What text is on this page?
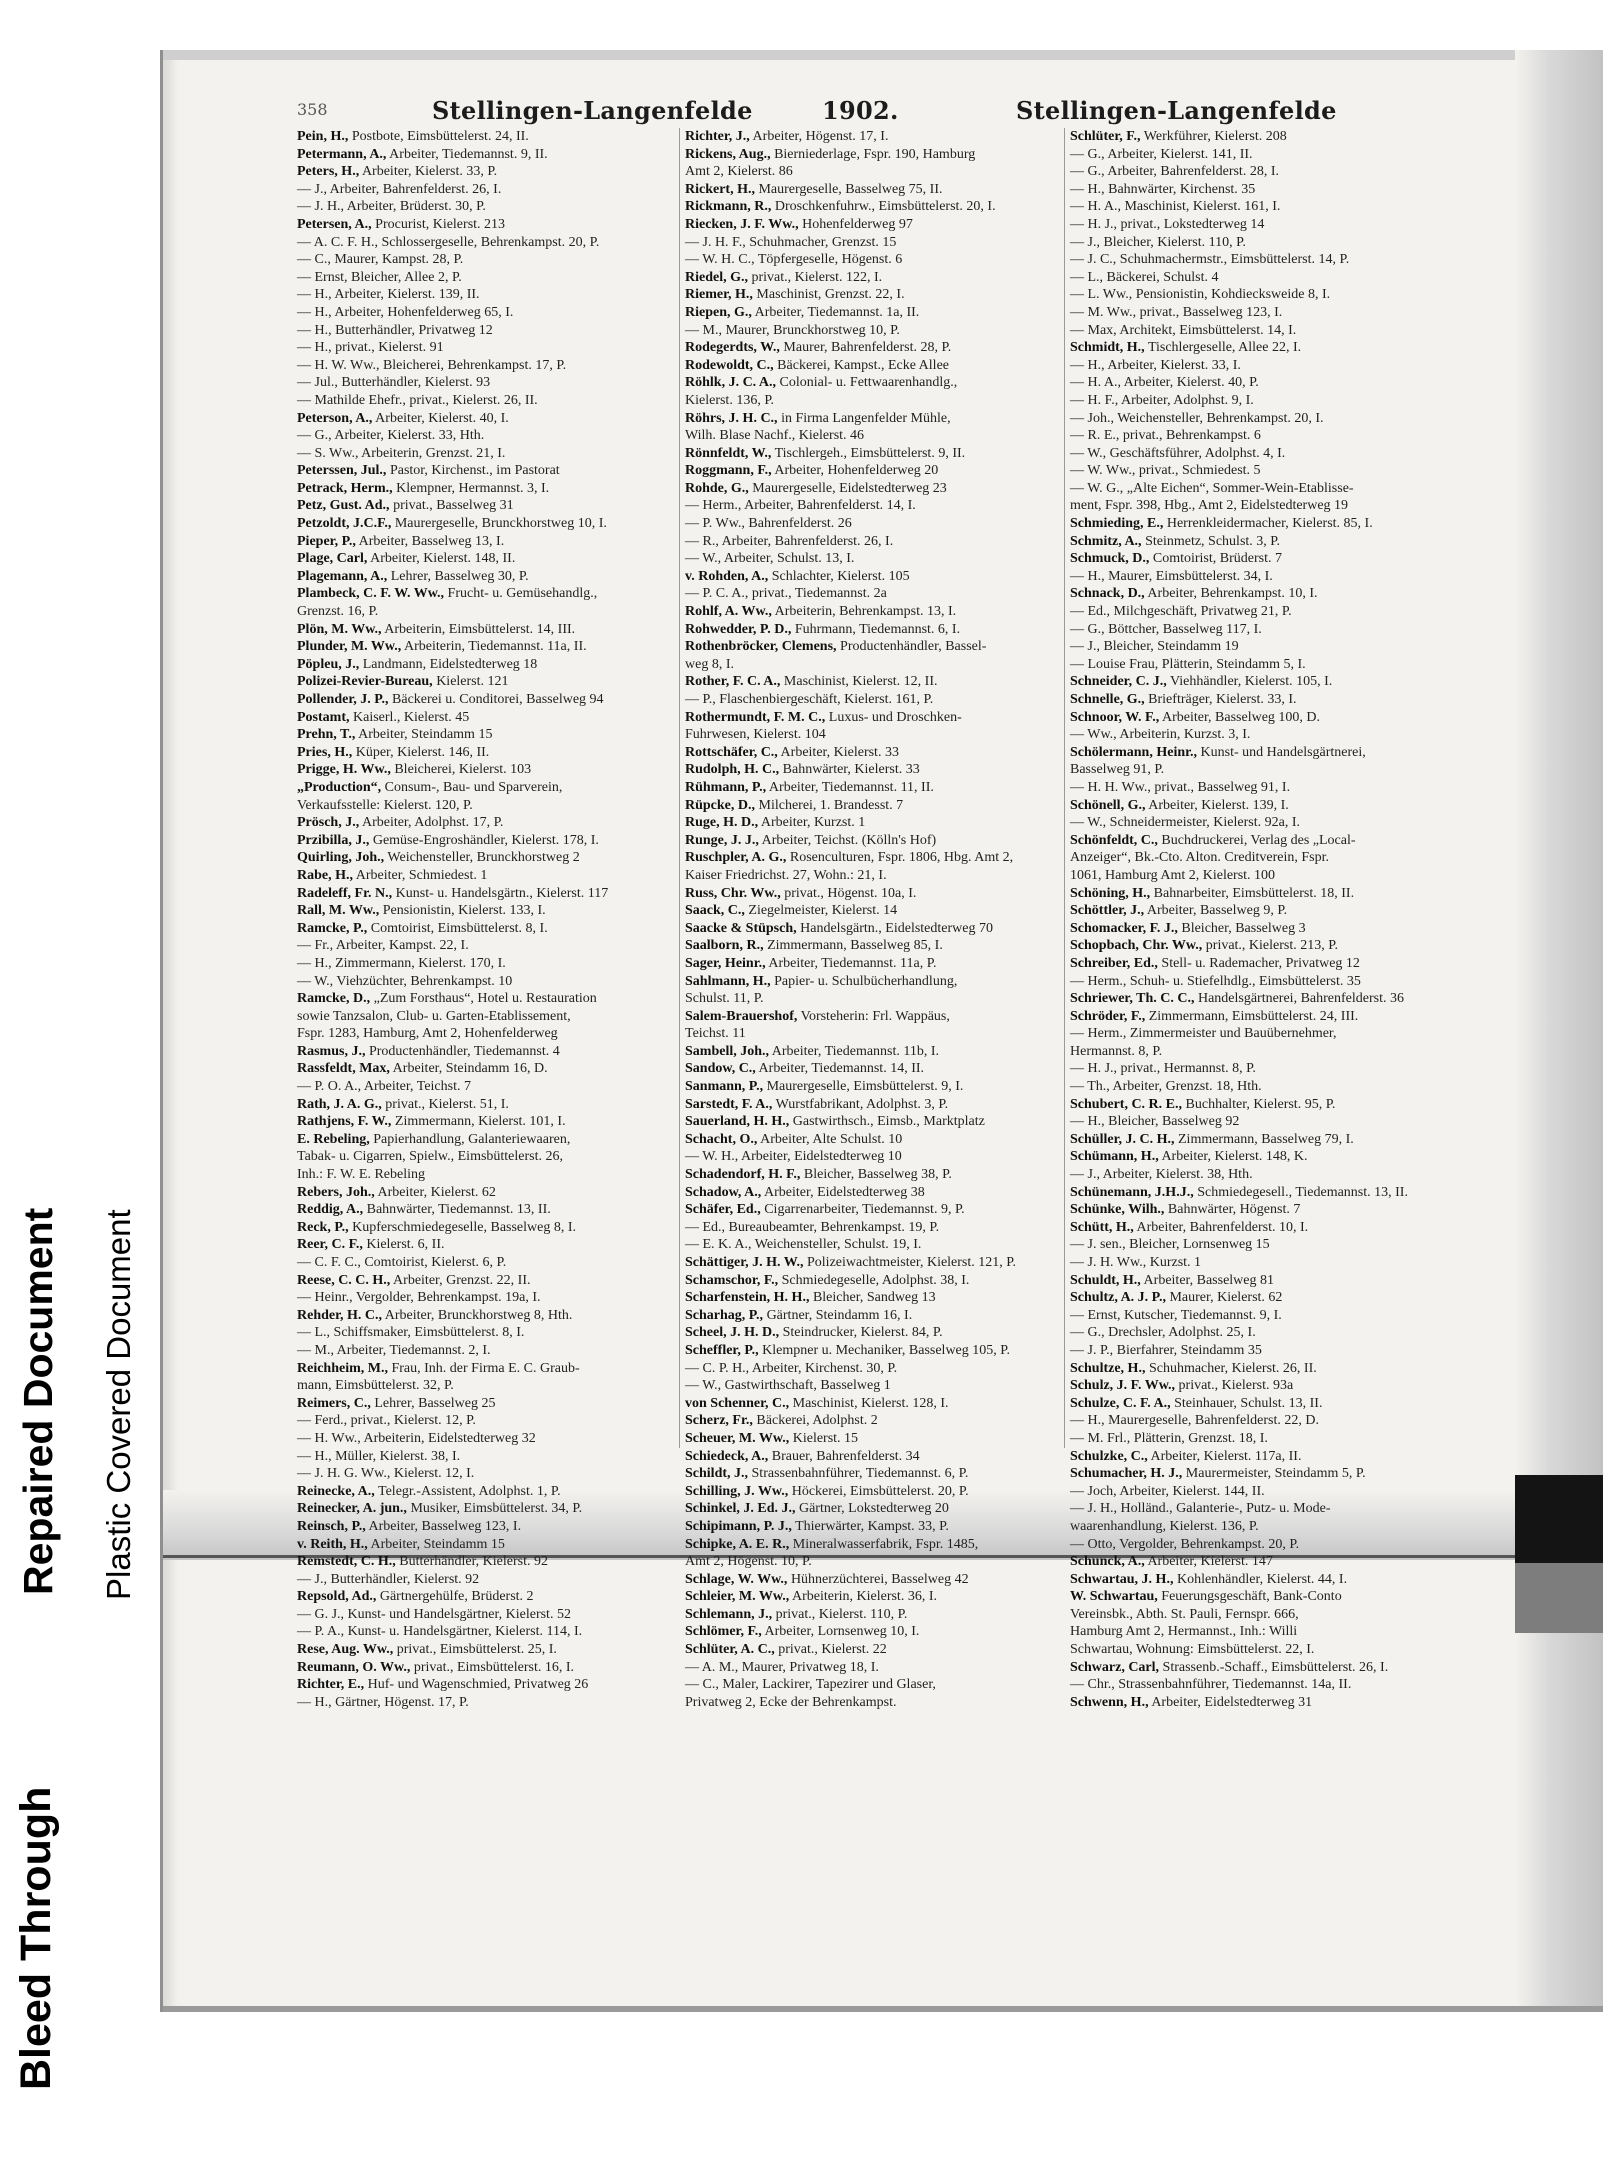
Bleed Through
Repaired Document Plastic Covered Document
358	Stellingen-Langenfelde	1902.	Stellingen-Langenfelde
Pein, H., Postbote, Eimsbüttelerst. 24, II.
Petermann, A., Arbeiter, Tiedemannst. 9, II.
Peters, H., Arbeiter, Kielerst. 33, P.
— J., Arbeiter, Bahrenfelderst. 26, I.
— J. H., Arbeiter, Brüderst. 30, P.
Petersen, A., Procurist, Kielerst. 213
— A. C. F. H., Schlossergeselle, Behrenkampst. 20, P.
— C., Maurer, Kampst. 28, P.
— Ernst, Bleicher, Allee 2, P.
— H., Arbeiter, Kielerst. 139, II.
— H., Arbeiter, Hohenfelderweg 65, I.
— H., Butterhändler, Privatweg 12
— H., privat., Kielerst. 91
— H. W. Ww., Bleicherei, Behrenkampst. 17, P.
— Jul., Butterhändler, Kielerst. 93
— Mathilde Ehefr., privat., Kielerst. 26, II.
Peterson, A., Arbeiter, Kielerst. 40, I.
— G., Arbeiter, Kielerst. 33, Hth.
— S. Ww., Arbeiterin, Grenzst. 21, I.
Peterssen, Jul., Pastor, Kirchenst., im Pastorat
Petrack, Herm., Klempner, Hermannst. 3, I.
Petz, Gust. Ad., privat., Basselweg 31
Petzoldt, J.C.F., Maurergeselle, Brunckhorstweg 10, I.
Pieper, P., Arbeiter, Basselweg 13, I.
Plage, Carl, Arbeiter, Kielerst. 148, II.
Plagemann, A., Lehrer, Basselweg 30, P.
Plambeck, C. F. W. Ww., Frucht- u. Gemüsehandlg.,
Grenzst. 16, P.
Plön, M. Ww., Arbeiterin, Eimsbüttelerst. 14, III.
Plunder, M. Ww., Arbeiterin, Tiedemannst. 11a, II.
Pöpleu, J., Landmann, Eidelstedterweg 18
Polizei-Revier-Bureau, Kielerst. 121
Pollender, J. P., Bäckerei u. Conditorei, Basselweg 94
Postamt, Kaiserl., Kielerst. 45
Prehn, T., Arbeiter, Steindamm 15
Pries, H., Küper, Kielerst. 146, II.
Prigge, H. Ww., Bleicherei, Kielerst. 103
„Production“, Consum-, Bau- und Sparverein,
Verkaufsstelle: Kielerst. 120, P.
Prösch, J., Arbeiter, Adolphst. 17, P.
Przibilla, J., Gemüse-Engroshändler, Kielerst. 178, I.
Quirling, Joh., Weichensteller, Brunckhorstweg 2
Rabe, H., Arbeiter, Schmiedest. 1
Radeleff, Fr. N., Kunst- u. Handelsgärtn., Kielerst. 117
Rall, M. Ww., Pensionistin, Kielerst. 133, I.
Ramcke, P., Comtoirist, Eimsbüttelerst. 8, I.
— Fr., Arbeiter, Kampst. 22, I.
— H., Zimmermann, Kielerst. 170, I.
— W., Viehzüchter, Behrenkampst. 10
Ramcke, D., „Zum Forsthaus“, Hotel u. Restauration
sowie Tanzsalon, Club- u. Garten-Etablissement,
Fspr. 1283, Hamburg, Amt 2, Hohenfelderweg
Rasmus, J., Productenhändler, Tiedemannst. 4
Rassfeldt, Max, Arbeiter, Steindamm 16, D.
— P. O. A., Arbeiter, Teichst. 7
Rath, J. A. G., privat., Kielerst. 51, I.
Rathjens, F. W., Zimmermann, Kielerst. 101, I.
E. Rebeling, Papierhandlung, Galanteriewaaren,
Tabak- u. Cigarren, Spielw., Eimsbüttelerst. 26,
Inh.: F. W. E. Rebeling
Rebers, Joh., Arbeiter, Kielerst. 62
Reddig, A., Bahnwärter, Tiedemannst. 13, II.
Reck, P., Kupferschmiedegeselle, Basselweg 8, I.
Reer, C. F., Kielerst. 6, II.
— C. F. C., Comtoirist, Kielerst. 6, P.
Reese, C. C. H., Arbeiter, Grenzst. 22, II.
— Heinr., Vergolder, Behrenkampst. 19a, I.
Rehder, H. C., Arbeiter, Brunckhorstweg 8, Hth.
— L., Schiffsmaker, Eimsbüttelerst. 8, I.
— M., Arbeiter, Tiedemannst. 2, I.
Reichheim, M., Frau, Inh. der Firma E. C. Graub-
mann, Eimsbüttelerst. 32, P.
Reimers, C., Lehrer, Basselweg 25
— Ferd., privat., Kielerst. 12, P.
— H. Ww., Arbeiterin, Eidelstedterweg 32
— H., Müller, Kielerst. 38, I.
— J. H. G. Ww., Kielerst. 12, I.
Reinecke, A., Telegr.-Assistent, Adolphst. 1, P.
Reinecker, A. jun., Musiker, Eimsbüttelerst. 34, P.
Reinsch, P., Arbeiter, Basselweg 123, I.
v. Reith, H., Arbeiter, Steindamm 15
Remstedt, C. H., Butterhändler, Kielerst. 92
— J., Butterhändler, Kielerst. 92
Repsold, Ad., Gärtnergehülfe, Brüderst. 2
— G. J., Kunst- und Handelsgärtner, Kielerst. 52
— P. A., Kunst- u. Handelsgärtner, Kielerst. 114, I.
Rese, Aug. Ww., privat., Eimsbüttelerst. 25, I.
Reumann, O. Ww., privat., Eimsbüttelerst. 16, I.
Richter, E., Huf- und Wagenschmied, Privatweg 26
— H., Gärtner, Högenst. 17, P.
Richter, J., Arbeiter, Högenst. 17, I.
Rickens, Aug., Bierniederlage, Fspr. 190, Hamburg
Amt 2, Kielerst. 86
Rickert, H., Maurergeselle, Basselweg 75, II.
Rickmann, R., Droschkenfuhrw., Eimsbüttelerst. 20, I.
Riecken, J. F. Ww., Hohenfelderweg 97
— J. H. F., Schuhmacher, Grenzst. 15
— W. H. C., Töpfergeselle, Högenst. 6
Riedel, G., privat., Kielerst. 122, I.
Riemer, H., Maschinist, Grenzst. 22, I.
Riepen, G., Arbeiter, Tiedemannst. 1a, II.
— M., Maurer, Brunckhorstweg 10, P.
Rodegerdts, W., Maurer, Bahrenfelderst. 28, P.
Rodewoldt, C., Bäckerei, Kampst., Ecke Allee
Röhlk, J. C. A., Colonial- u. Fettwaarenhandlg.,
Kielerst. 136, P.
Röhrs, J. H. C., in Firma Langenfelder Mühle,
Wilh. Blase Nachf., Kielerst. 46
Rönnfeldt, W., Tischlergeh., Eimsbüttelerst. 9, II.
Roggmann, F., Arbeiter, Hohenfelderweg 20
Rohde, G., Maurergeselle, Eidelstedterweg 23
— Herm., Arbeiter, Bahrenfelderst. 14, I.
— P. Ww., Bahrenfelderst. 26
— R., Arbeiter, Bahrenfelderst. 26, I.
— W., Arbeiter, Schulst. 13, I.
v. Rohden, A., Schlachter, Kielerst. 105
— P. C. A., privat., Tiedemannst. 2a
Rohlf, A. Ww., Arbeiterin, Behrenkampst. 13, I.
Rohwedder, P. D., Fuhrmann, Tiedemannst. 6, I.
Rothenbröcker, Clemens, Productenhändler, Bassel-
weg 8, I.
Rother, F. C. A., Maschinist, Kielerst. 12, II.
— P., Flaschenbiergeschäft, Kielerst. 161, P.
Rothermundt, F. M. C., Luxus- und Droschken-
Fuhrwesen, Kielerst. 104
Rottschäfer, C., Arbeiter, Kielerst. 33
Rudolph, H. C., Bahnwärter, Kielerst. 33
Rühmann, P., Arbeiter, Tiedemannst. 11, II.
Rüpcke, D., Milcherei, 1. Brandesst. 7
Ruge, H. D., Arbeiter, Kurzst. 1
Runge, J. J., Arbeiter, Teichst. (Kölln's Hof)
Ruschpler, A. G., Rosenculturen, Fspr. 1806, Hbg. Amt 2,
Kaiser Friedrichst. 27, Wohn.: 21, I.
Russ, Chr. Ww., privat., Högenst. 10a, I.
Saack, C., Ziegelmeister, Kielerst. 14
Saacke & Stüpsch, Handelsgärtn., Eidelstedterweg 70
Saalborn, R., Zimmermann, Basselweg 85, I.
Sager, Heinr., Arbeiter, Tiedemannst. 11a, P.
Sahlmann, H., Papier- u. Schulbücherhandlung,
Schulst. 11, P.
Salem-Brauershof, Vorsteherin: Frl. Wappäus,
Teichst. 11
Sambell, Joh., Arbeiter, Tiedemannst. 11b, I.
Sandow, C., Arbeiter, Tiedemannst. 14, II.
Sanmann, P., Maurergeselle, Eimsbüttelerst. 9, I.
Sarstedt, F. A., Wurstfabrikant, Adolphst. 3, P.
Sauerland, H. H., Gastwirthsch., Eimsb., Marktplatz
Schacht, O., Arbeiter, Alte Schulst. 10
— W. H., Arbeiter, Eidelstedterweg 10
Schadendorf, H. F., Bleicher, Basselweg 38, P.
Schadow, A., Arbeiter, Eidelstedterweg 38
Schäfer, Ed., Cigarrenarbeiter, Tiedemannst. 9, P.
— Ed., Bureaubeamter, Behrenkampst. 19, P.
— E. K. A., Weichensteller, Schulst. 19, I.
Schättiger, J. H. W., Polizeiwachtmeister, Kielerst. 121, P.
Schamschor, F., Schmiedegeselle, Adolphst. 38, I.
Scharfenstein, H. H., Bleicher, Sandweg 13
Scharhag, P., Gärtner, Steindamm 16, I.
Scheel, J. H. D., Steindrucker, Kielerst. 84, P.
Scheffler, P., Klempner u. Mechaniker, Basselweg 105, P.
— C. P. H., Arbeiter, Kirchenst. 30, P.
— W., Gastwirthschaft, Basselweg 1
von Schenner, C., Maschinist, Kielerst. 128, I.
Scherz, Fr., Bäckerei, Adolphst. 2
Scheuer, M. Ww., Kielerst. 15
Schiedeck, A., Brauer, Bahrenfelderst. 34
Schildt, J., Strassenbahnführer, Tiedemannst. 6, P.
Schilling, J. Ww., Höckerei, Eimsbüttelerst. 20, P.
Schinkel, J. Ed. J., Gärtner, Lokstedterweg 20
Schipimann, P. J., Thierwärter, Kampst. 33, P.
Schipke, A. E. R., Mineralwasserfabrik, Fspr. 1485,
Amt 2, Högenst. 10, P.
Schlage, W. Ww., Hühnerzüchterei, Basselweg 42
Schleier, M. Ww., Arbeiterin, Kielerst. 36, I.
Schlemann, J., privat., Kielerst. 110, P.
Schlömer, F., Arbeiter, Lornsenweg 10, I.
Schlüter, A. C., privat., Kielerst. 22
— A. M., Maurer, Privatweg 18, I.
— C., Maler, Lackirer, Tapezirer und Glaser,
Privatweg 2, Ecke der Behrenkampst.
Schlüter, F., Werkführer, Kielerst. 208
— G., Arbeiter, Kielerst. 141, II.
— G., Arbeiter, Bahrenfelderst. 28, I.
— H., Bahnwärter, Kirchenst. 35
— H. A., Maschinist, Kielerst. 161, I.
— H. J., privat., Lokstedterweg 14
— J., Bleicher, Kielerst. 110, P.
— J. C., Schuhmachermstr., Eimsbüttelerst. 14, P.
— L., Bäckerei, Schulst. 4
— L. Ww., Pensionistin, Kohdiecksweide 8, I.
— M. Ww., privat., Basselweg 123, I.
— Max, Architekt, Eimsbüttelerst. 14, I.
Schmidt, H., Tischlergeselle, Allee 22, I.
— H., Arbeiter, Kielerst. 33, I.
— H. A., Arbeiter, Kielerst. 40, P.
— H. F., Arbeiter, Adolphst. 9, I.
— Joh., Weichensteller, Behrenkampst. 20, I.
— R. E., privat., Behrenkampst. 6
— W., Geschäftsführer, Adolphst. 4, I.
— W. Ww., privat., Schmiedest. 5
— W. G., „Alte Eichen“, Sommer-Wein-Etablisse-
ment, Fspr. 398, Hbg., Amt 2, Eidelstedterweg 19
Schmieding, E., Herrenkleidermacher, Kielerst. 85, I.
Schmitz, A., Steinmetz, Schulst. 3, P.
Schmuck, D., Comtoirist, Brüderst. 7
— H., Maurer, Eimsbüttelerst. 34, I.
Schnack, D., Arbeiter, Behrenkampst. 10, I.
— Ed., Milchgeschäft, Privatweg 21, P.
— G., Böttcher, Basselweg 117, I.
— J., Bleicher, Steindamm 19
— Louise Frau, Plätterin, Steindamm 5, I.
Schneider, C. J., Viehhändler, Kielerst. 105, I.
Schnelle, G., Briefträger, Kielerst. 33, I.
Schnoor, W. F., Arbeiter, Basselweg 100, D.
— Ww., Arbeiterin, Kurzst. 3, I.
Schölermann, Heinr., Kunst- und Handelsgärtnerei,
Basselweg 91, P.
— H. H. Ww., privat., Basselweg 91, I.
Schönell, G., Arbeiter, Kielerst. 139, I.
— W., Schneidermeister, Kielerst. 92a, I.
Schönfeldt, C., Buchdruckerei, Verlag des „Local-
Anzeiger“, Bk.-Cto. Alton. Creditverein, Fspr.
1061, Hamburg Amt 2, Kielerst. 100
Schöning, H., Bahnarbeiter, Eimsbüttelerst. 18, II.
Schöttler, J., Arbeiter, Basselweg 9, P.
Schomacker, F. J., Bleicher, Basselweg 3
Schopbach, Chr. Ww., privat., Kielerst. 213, P.
Schreiber, Ed., Stell- u. Rademacher, Privatweg 12
— Herm., Schuh- u. Stiefelhdlg., Eimsbüttelerst. 35
Schriewer, Th. C. C., Handelsgärtnerei, Bahrenfelderst. 36
Schröder, F., Zimmermann, Eimsbüttelerst. 24, III.
— Herm., Zimmermeister und Bauübernehmer,
Hermannst. 8, P.
— H. J., privat., Hermannst. 8, P.
— Th., Arbeiter, Grenzst. 18, Hth.
Schubert, C. R. E., Buchhalter, Kielerst. 95, P.
— H., Bleicher, Basselweg 92
Schüller, J. C. H., Zimmermann, Basselweg 79, I.
Schümann, H., Arbeiter, Kielerst. 148, K.
— J., Arbeiter, Kielerst. 38, Hth.
Schünemann, J.H.J., Schmiedegesell., Tiedemannst. 13, II.
Schünke, Wilh., Bahnwärter, Högenst. 7
Schütt, H., Arbeiter, Bahrenfelderst. 10, I.
— J. sen., Bleicher, Lornsenweg 15
— J. H. Ww., Kurzst. 1
Schuldt, H., Arbeiter, Basselweg 81
Schultz, A. J. P., Maurer, Kielerst. 62
— Ernst, Kutscher, Tiedemannst. 9, I.
— G., Drechsler, Adolphst. 25, I.
— J. P., Bierfahrer, Steindamm 35
Schultze, H., Schuhmacher, Kielerst. 26, II.
Schulz, J. F. Ww., privat., Kielerst. 93a
Schulze, C. F. A., Steinhauer, Schulst. 13, II.
— H., Maurergeselle, Bahrenfelderst. 22, D.
— M. Frl., Plätterin, Grenzst. 18, I.
Schulzke, C., Arbeiter, Kielerst. 117a, II.
Schumacher, H. J., Maurermeister, Steindamm 5, P.
— Joch, Arbeiter, Kielerst. 144, II.
— J. H., Holländ., Galanterie-, Putz- u. Mode-
waarenhandlung, Kielerst. 136, P.
— Otto, Vergolder, Behrenkampst. 20, P.
Schunck, A., Arbeiter, Kielerst. 147
Schwartau, J. H., Kohlenhändler, Kielerst. 44, I.
W. Schwartau, Feuerungsgeschäft, Bank-Conto
Vereinsbk., Abth. St. Pauli, Fernspr. 666,
Hamburg Amt 2, Hermannst., Inh.: Willi
Schwartau, Wohnung: Eimsbüttelerst. 22, I.
Schwarz, Carl, Strassenb.-Schaff., Eimsbüttelerst. 26, I.
— Chr., Strassenbahnführer, Tiedemannst. 14a, II.
Schwenn, H., Arbeiter, Eidelstedterweg 31
